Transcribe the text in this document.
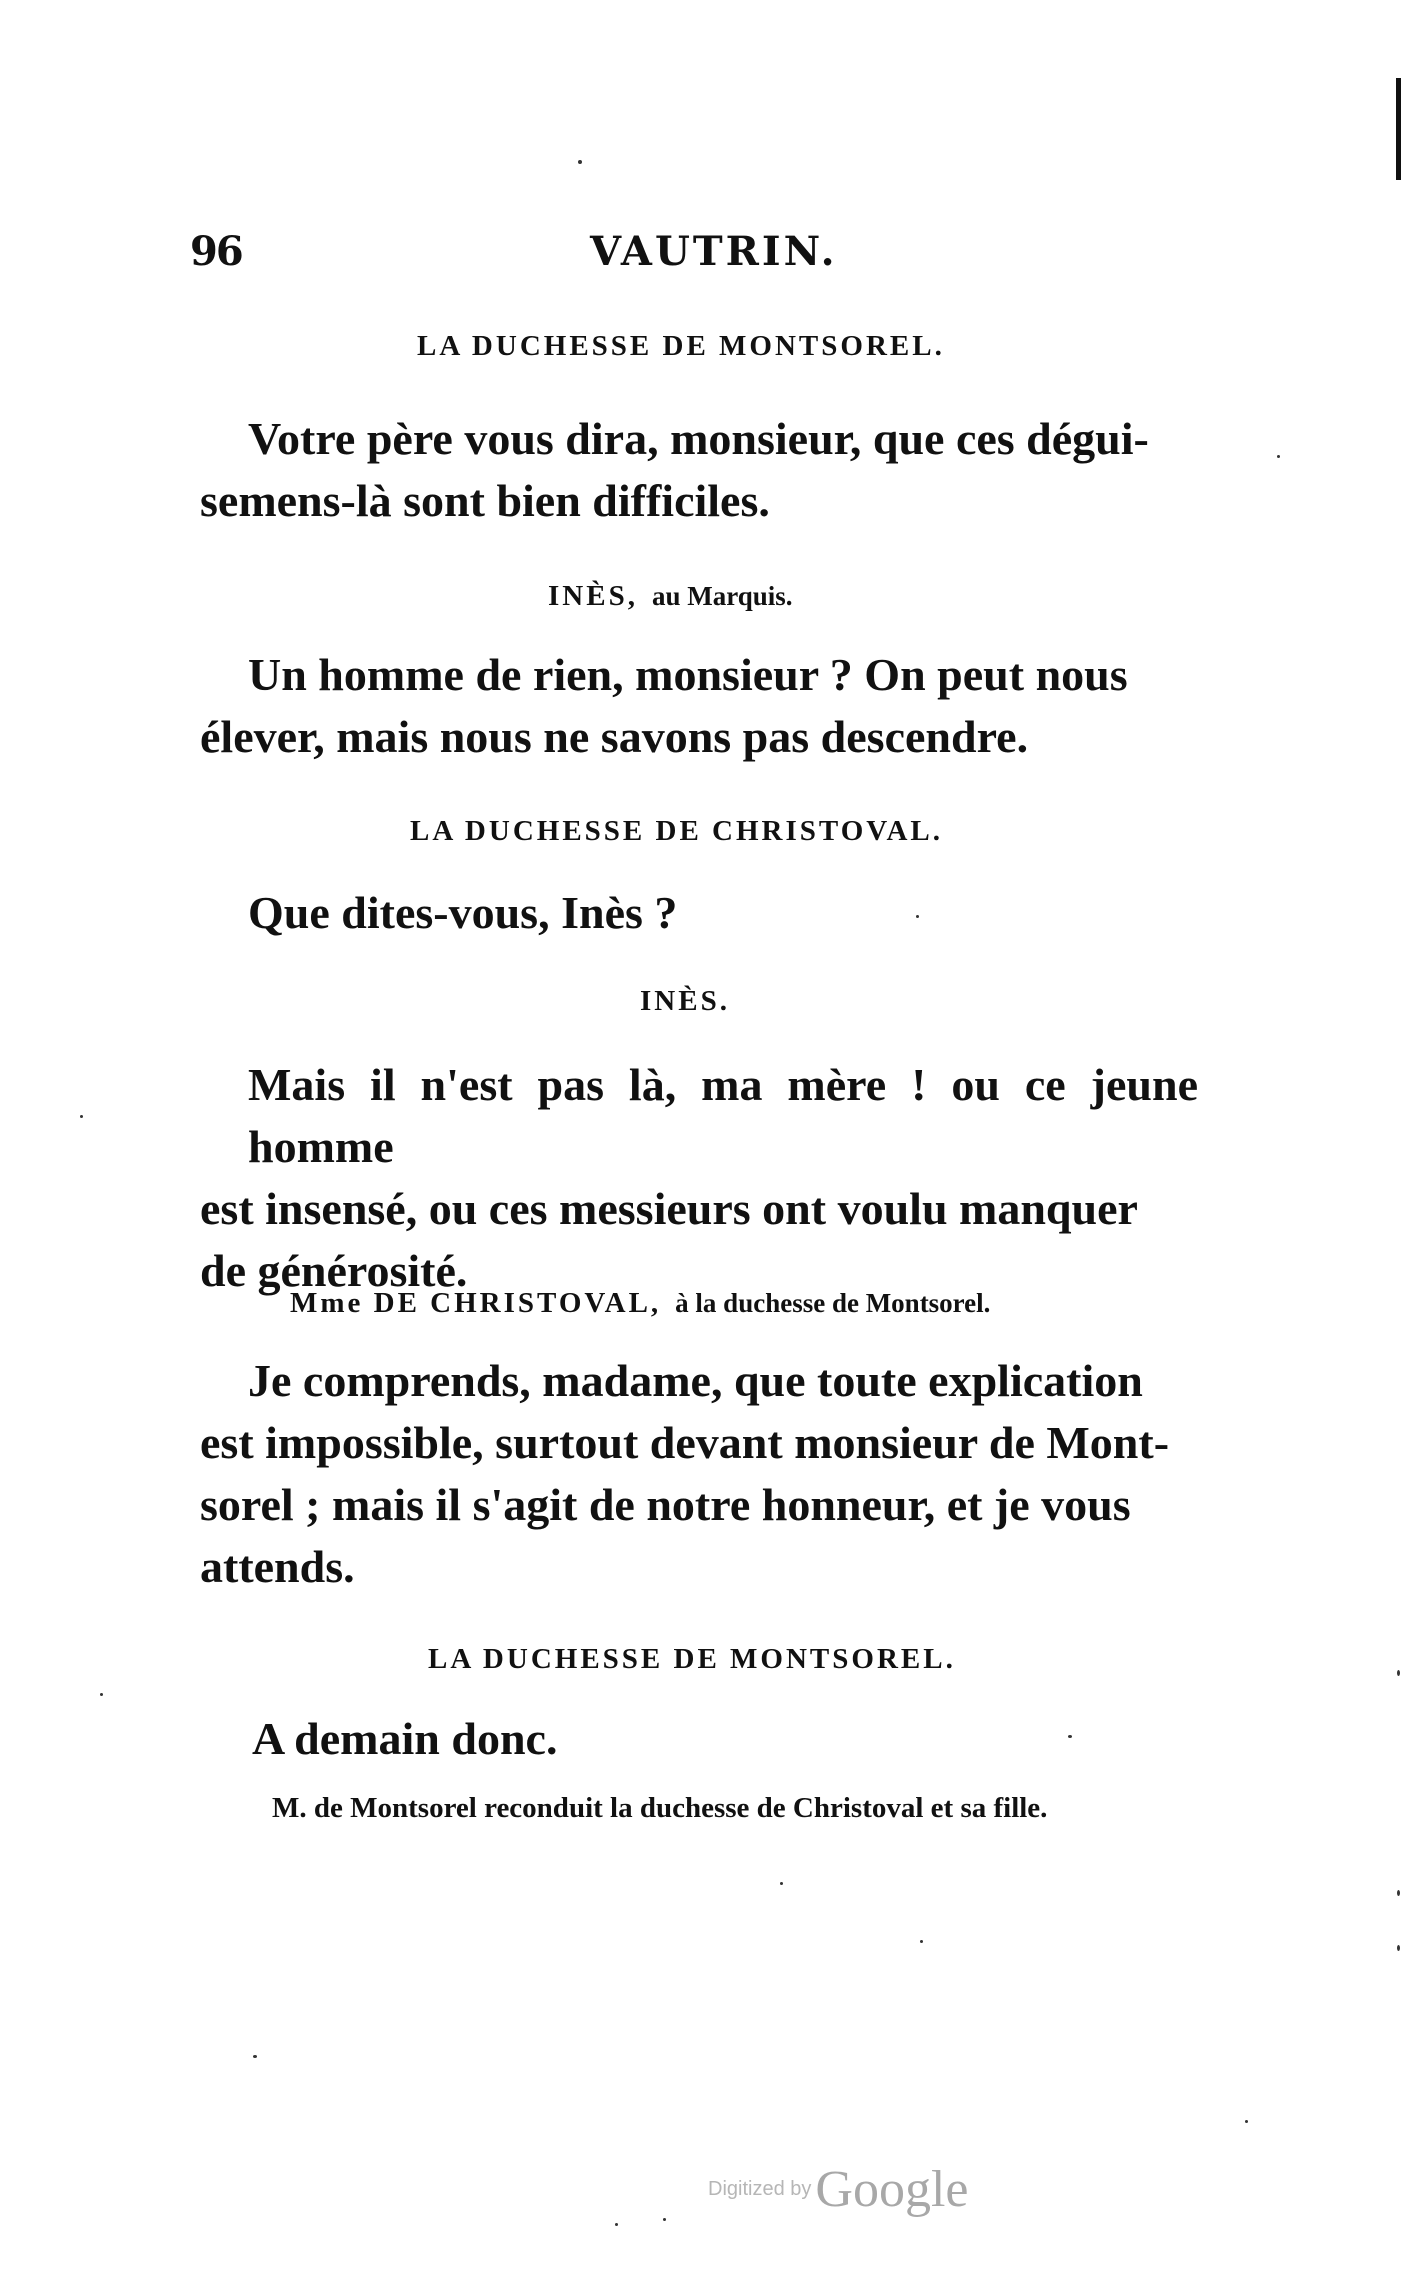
96	VAUTRIN.
LA DUCHESSE DE MONTSOREL.
Votre père vous dira, monsieur, que ces dégui-
semens-là sont bien difficiles.
INÈS, au Marquis.
Un homme de rien, monsieur ? On peut nous
élever, mais nous ne savons pas descendre.
LA DUCHESSE DE CHRISTOVAL.
Que dites-vous, Inès ?
INÈS.
Mais il n'est pas là, ma mère ! ou ce jeune homme
est insensé, ou ces messieurs ont voulu manquer
de générosité.
Mme DE CHRISTOVAL, à la duchesse de Montsorel.
Je comprends, madame, que toute explication
est impossible, surtout devant monsieur de Mont-
sorel ; mais il s'agit de notre honneur, et je vous
attends.
LA DUCHESSE DE MONTSOREL.
A demain donc.
M. de Montsorel reconduit la duchesse de Christoval et sa fille.
Digitized byGoogle
